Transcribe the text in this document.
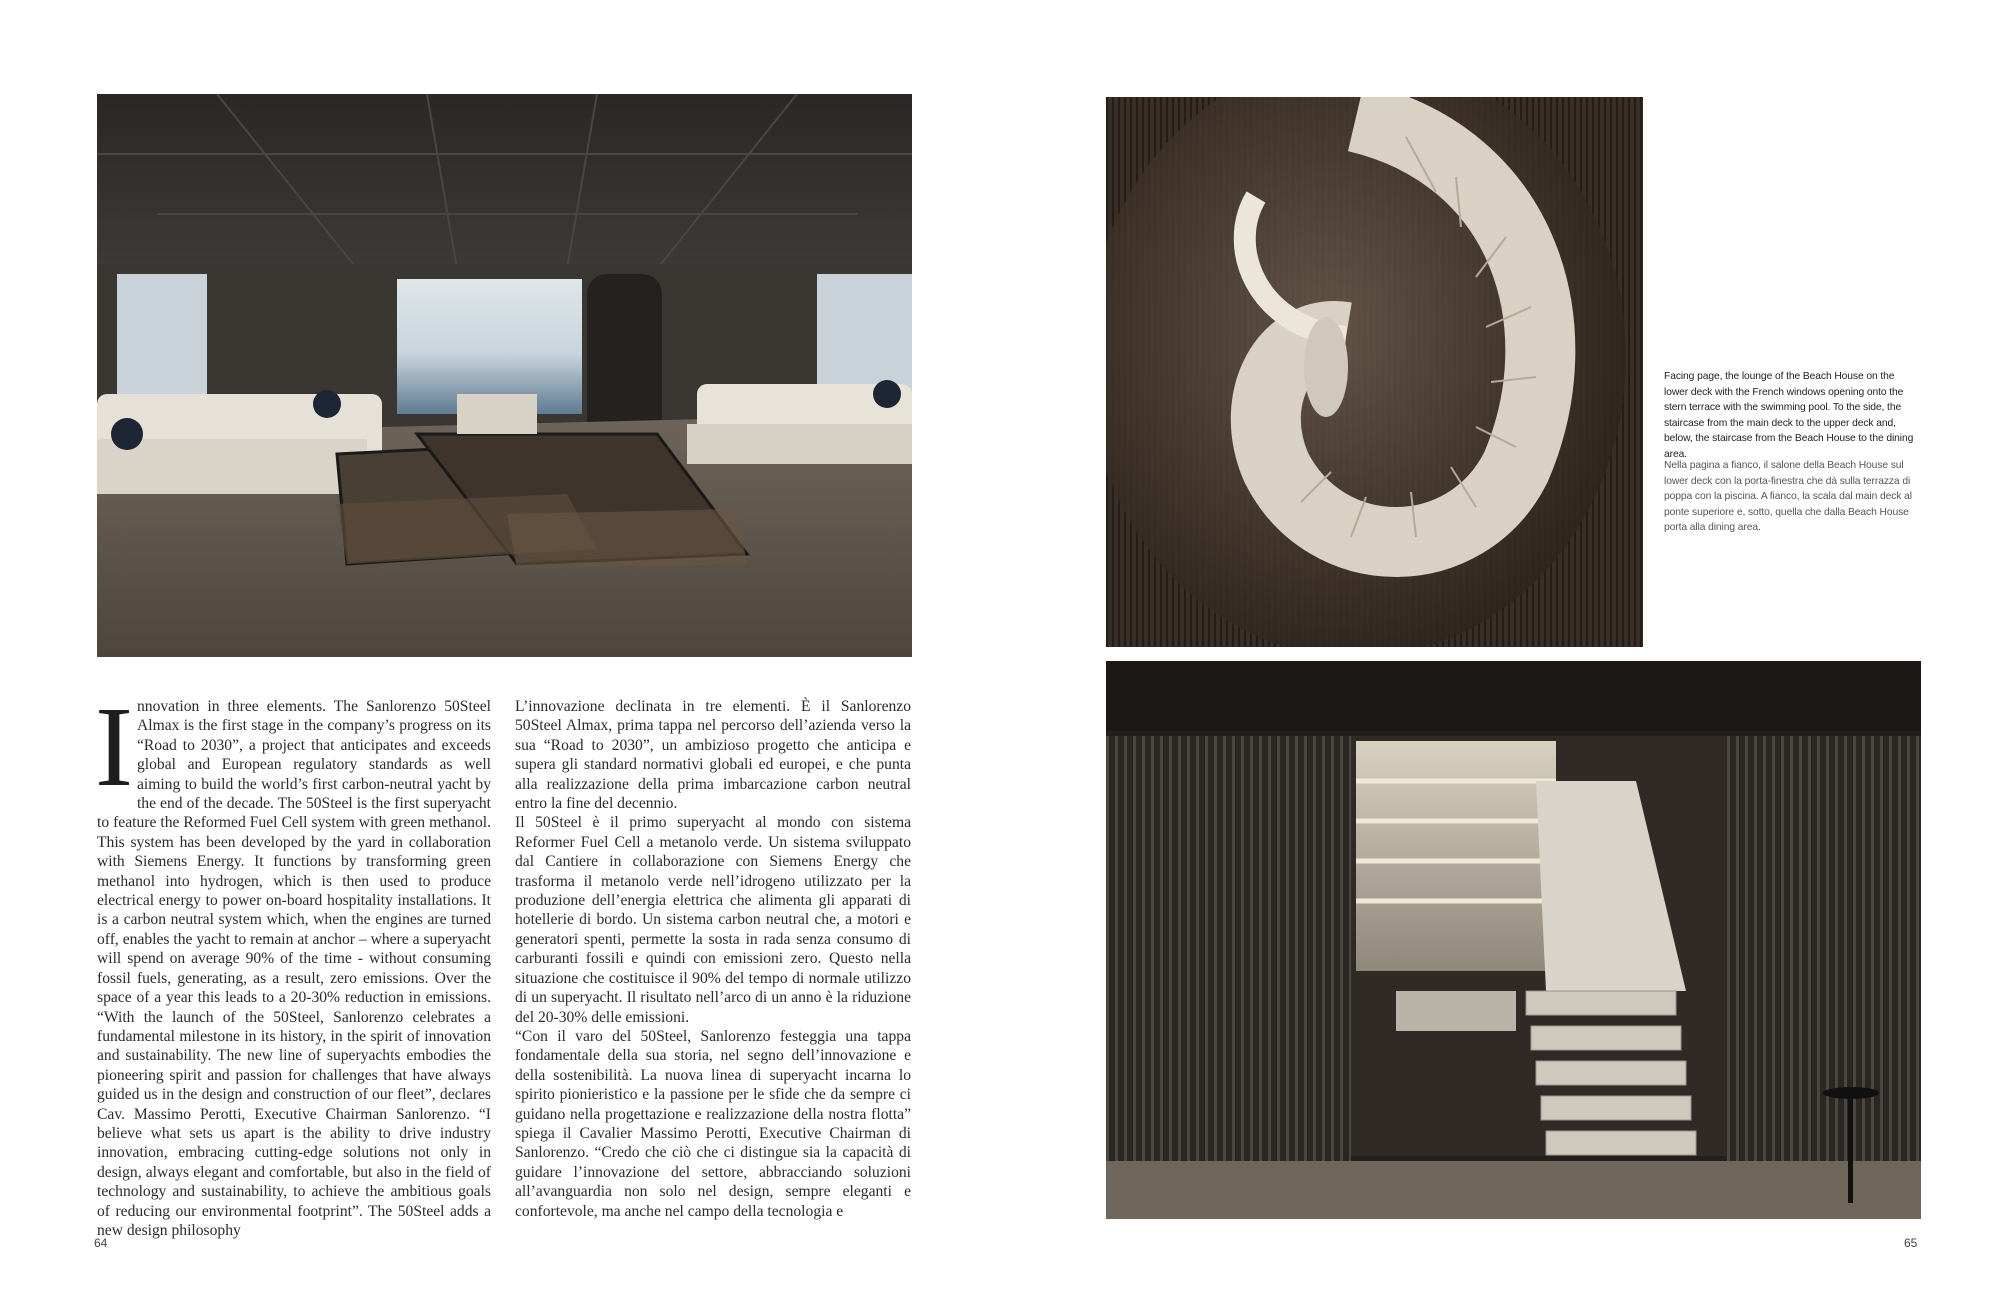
I nnovation in three elements. The Sanlorenzo 50Steel Almax is the first stage in the company’s progress on its “Road to 2030”, a project that anticipates and exceeds global and European regulatory standards as well aiming to build the world’s first carbon-neutral yacht by the end of the decade. The 50Steel is the first superyacht to feature the Reformed Fuel Cell system with green methanol. This system has been developed by the yard in collaboration with Siemens Energy. It functions by transforming green methanol into hydrogen, which is then used to produce electrical energy to power on-board hospitality installations. It is a carbon neutral system which, when the engines are turned off, enables the yacht to remain at anchor – where a superyacht will spend on average 90% of the time - without consuming fossil fuels, generating, as a result, zero emissions. Over the space of a year this leads to a 20-30% reduction in emissions. “With the launch of the 50Steel, Sanlorenzo celebrates a fundamental milestone in its history, in the spirit of innovation and sustainability. The new line of superyachts embodies the pioneering spirit and passion for challenges that have always guided us in the design and construction of our fleet”, declares Cav. Massimo Perotti, Executive Chairman Sanlorenzo. “I believe what sets us apart is the ability to drive industry innovation, embracing cutting-edge solutions not only in design, always elegant and comfortable, but also in the field of technology and sustainability, to achieve the ambitious goals of reducing our environmental footprint”. The 50Steel adds a new design philosophy

L’innovazione declinata in tre elementi. È il Sanlorenzo 50Steel Almax, prima tappa nel percorso dell’azienda verso la sua “Road to 2030”, un ambizioso progetto che anticipa e supera gli standard normativi globali ed europei, e che punta alla realizzazione della prima imbarcazione carbon neutral entro la fine del decennio.

Il 50Steel è il primo superyacht al mondo con sistema Reformer Fuel Cell a metanolo verde. Un sistema sviluppato dal Cantiere in collaborazione con Siemens Energy che trasforma il metanolo verde nell’idrogeno utilizzato per la produzione dell’energia elettrica che alimenta gli apparati di hotellerie di bordo. Un sistema carbon neutral che, a motori e generatori spenti, permette la sosta in rada senza consumo di carburanti fossili e quindi con emissioni zero. Questo nella situazione che costituisce il 90% del tempo di normale utilizzo di un superyacht. Il risultato nell’arco di un anno è la riduzione del 20-30% delle emissioni.

“Con il varo del 50Steel, Sanlorenzo festeggia una tappa fondamentale della sua storia, nel segno dell’innovazione e della sostenibilità. La nuova linea di superyacht incarna lo spirito pionieristico e la passione per le sfide che da sempre ci guidano nella progettazione e realizzazione della nostra flotta” spiega il Cavalier Massimo Perotti, Executive Chairman di Sanlorenzo. “Credo che ciò che ci distingue sia la capacità di guidare l’innovazione del settore, abbracciando soluzioni all’avanguardia non solo nel design, sempre eleganti e confortevole, ma anche nel campo della tecnologia e

Facing page, the lounge of the Beach House on the lower deck with the French windows opening onto the stern terrace with the swimming pool. To the side, the staircase from the main deck to the upper deck and, below, the staircase from the Beach House to the dining area.

Nella pagina a fianco, il salone della Beach House sul lower deck con la porta-finestra che dà sulla terrazza di poppa con la piscina. A fianco, la scala dal main deck al ponte superiore e, sotto, quella che dalla Beach House porta alla dining area.

64	65
